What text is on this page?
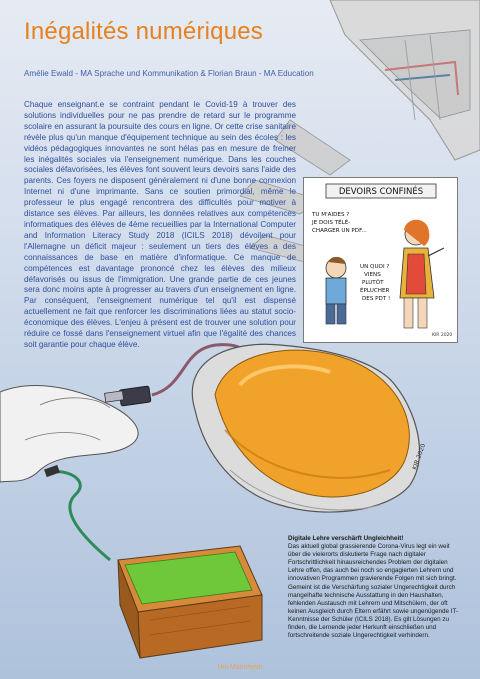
KIR 2020
Inégalités numériques
Amélie Ewald - MA Sprache und Kommunikation & Florian Braun - MA Education
Chaque enseignant.e se contraint pendant le Covid-19 à trouver des solutions individuelles pour ne pas prendre de retard sur le programme scolaire en assurant la poursuite des cours en ligne. Or cette crise sanitaire révèle plus qu'un manque d'équipement technique au sein des écoles : les vidéos pédagogiques innovantes ne sont hélas pas en mesure de freiner les inégalités sociales via l'enseignement numérique. Dans les couches sociales défavorisées, les élèves font souvent leurs devoirs sans l'aide des parents. Ces foyers ne disposent généralement ni d'une bonne connexion Internet ni d'une imprimante. Sans ce soutien primordial, même le professeur le plus engagé rencontrera des difficultés pour motiver à distance ses élèves. Par ailleurs, les données relatives aux compétences informatiques des élèves de 4ème recueillies par la International Computer and Information Literacy Study 2018 (ICILS 2018) dévoilent pour l'Allemagne un déficit majeur : seulement un tiers des élèves a des connaissances de base en matière d'informatique. Ce manque de compétences est davantage prononcé chez les élèves des milieux défavorisés ou issus de l'immigration. Une grande partie de ces jeunes sera donc moins apte à progresser au travers d'un enseignement en ligne. Par conséquent, l'enseignement numérique tel qu'il est dispensé actuellement ne fait que renforcer les discriminations liées au statut socio-économique des élèves. L'enjeu à présent est de trouver une solution pour réduire ce fossé dans l'enseignement virtuel afin que l'égalité des chances soit garantie pour chaque élève.
DEVOIRS CONFINÉS
TU M'AIDES ?
JE DOIS TÉLÉ-
CHARGER UN PDF...
UN QUOI ?
VIENS
PLUTÔT
ÉPLUCHER
DES PDT !
KIR 2020
Digitale Lehre verschärft Ungleichheit!
Das aktuell global grassierende Corona-Virus legt ein weit über die vielerorts diskutierte Frage nach digitaler Fortschrittlichkeit hinausreichendes Problem der digitalen Lehre offen, das auch bei noch so engagierten Lehrern und innovativen Programmen gravierende Folgen mit sich bringt. Gemeint ist die Verschärfung sozialer Ungerechtigkeit durch mangelhafte technische Ausstattung in den Haushalten, fehlenden Austausch mit Lehrern und Mitschülern, der oft keinen Ausgleich durch Eltern erfährt sowie ungenügende IT-Kenntnisse der Schüler (ICILS 2018). Es gilt Lösungen zu finden, die Lernende jeder Herkunft einschließen und fortschreitende soziale Ungerechtigkeit verhindern.
Uni Mannheim
